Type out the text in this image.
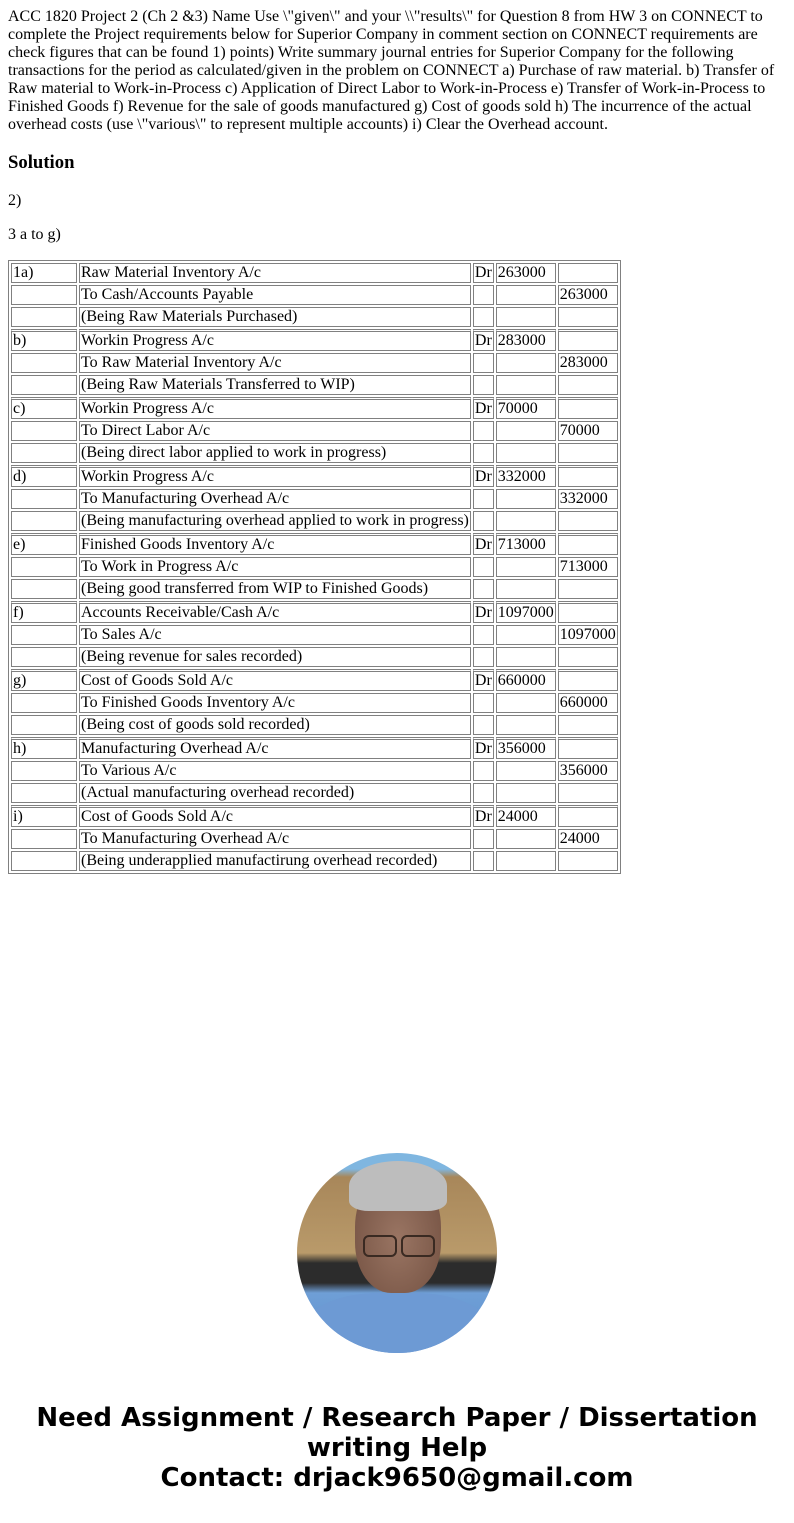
ACC 1820 Project 2 (Ch 2 &3) Name Use \"given\" and your \\"results\" for Question 8 from HW 3 on CONNECT to complete the Project requirements below for Superior Company in comment section on CONNECT requirements are check figures that can be found 1) points) Write summary journal entries for Superior Company for the following transactions for the period as calculated/given in the problem on CONNECT a) Purchase of raw material. b) Transfer of Raw material to Work-in-Process c) Application of Direct Labor to Work-in-Process e) Transfer of Work-in-Process to Finished Goods f) Revenue for the sale of goods manufactured g) Cost of goods sold h) The incurrence of the actual overhead costs (use \"various\" to represent multiple accounts) i) Clear the Overhead account.
Solution

2)

3 a to g)

1a)	Raw Material Inventory A/c	Dr	263000	
	To Cash/Accounts Payable			263000
	(Being Raw Materials Purchased)			
b)	Workin Progress A/c	Dr	283000	
	To Raw Material Inventory A/c			283000
	(Being Raw Materials Transferred to WIP)			
c)	Workin Progress A/c	Dr	70000	
	To Direct Labor A/c			70000
	(Being direct labor applied to work in progress)			
d)	Workin Progress A/c	Dr	332000	
	To Manufacturing Overhead A/c			332000
	(Being manufacturing overhead applied to work in progress)			
e)	Finished Goods Inventory A/c	Dr	713000	
	To Work in Progress A/c			713000
	(Being good transferred from WIP to Finished Goods)			
f)	Accounts Receivable/Cash A/c	Dr	1097000	
	To Sales A/c			1097000
	(Being revenue for sales recorded)			
g)	Cost of Goods Sold A/c	Dr	660000	
	To Finished Goods Inventory A/c			660000
	(Being cost of goods sold recorded)			
h)	Manufacturing Overhead A/c	Dr	356000	
	To Various A/c			356000
	(Actual manufacturing overhead recorded)			
i)	Cost of Goods Sold A/c	Dr	24000	
	To Manufacturing Overhead A/c			24000
	(Being underapplied manufactirung overhead recorded)			
Need Assignment / Research Paper / Dissertation
writing Help
Contact: drjack9650@gmail.com
